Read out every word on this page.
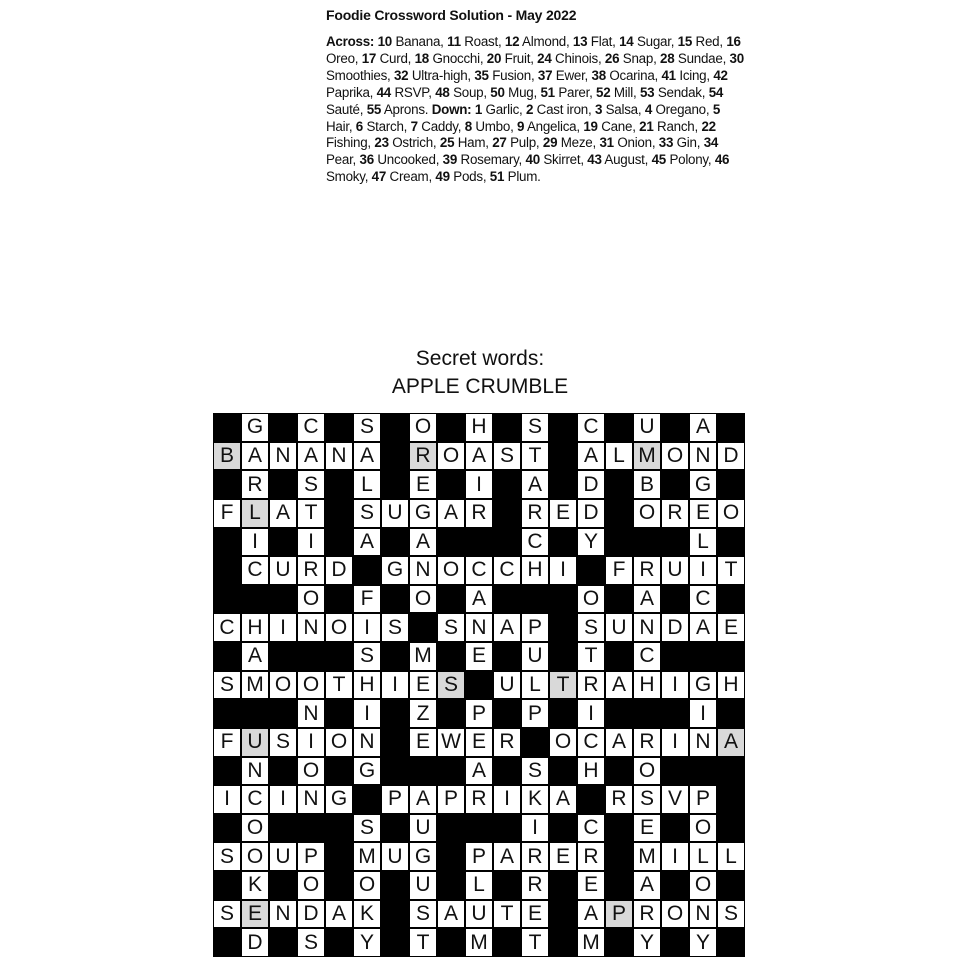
Foodie Crossword Solution - May 2022
Across: 10 Banana, 11 Roast, 12 Almond, 13 Flat, 14 Sugar, 15 Red, 16 Oreo, 17 Curd, 18 Gnocchi, 20 Fruit, 24 Chinois, 26 Snap, 28 Sundae, 30 Smoothies, 32 Ultra-high, 35 Fusion, 37 Ewer, 38 Ocarina, 41 Icing, 42 Paprika, 44 RSVP, 48 Soup, 50 Mug, 51 Parer, 52 Mill, 53 Sendak, 54 Sauté, 55 Aprons. Down: 1 Garlic, 2 Cast iron, 3 Salsa, 4 Oregano, 5 Hair, 6 Starch, 7 Caddy, 8 Umbo, 9 Angelica, 19 Cane, 21 Ranch, 22 Fishing, 23 Ostrich, 25 Ham, 27 Pulp, 29 Meze, 31 Onion, 33 Gin, 34 Pear, 36 Uncooked, 39 Rosemary, 40 Skirret, 43 August, 45 Polony, 46 Smoky, 47 Cream, 49 Pods, 51 Plum.
Secret words:
APPLE CRUMBLE
G	C	S	O	H	S	C	U	A
B A N A N A	R O A S T	A L M O N D
R	S	L	E	I	A	D	B	G
F L A T	S U G A R	R E D	O R E O
I	I	A	A	C	Y	L
C U R D	G N O C C H I	F R U I T
O	F	O	A	O	A	C
C H I N O I S	S N A P	S U N D A E
A	S	M	E	U	T	C
S M O O T H I E S	U L T R A H I G H
N	I	Z	P	P	I	I
F U S I O N	E W E R	O C A R I N A
N	O G	A	S	H	O
I C I N G	P A P R I K A	R S V P
O	S	U	I	C	E	O
S O U P	M U G	P A R E R	M I L L
K	O O	U	L	R	E	A	O
S E N D A K	S A U T E	A P R O N S
D	S	Y	T	M	T	M	Y	Y
